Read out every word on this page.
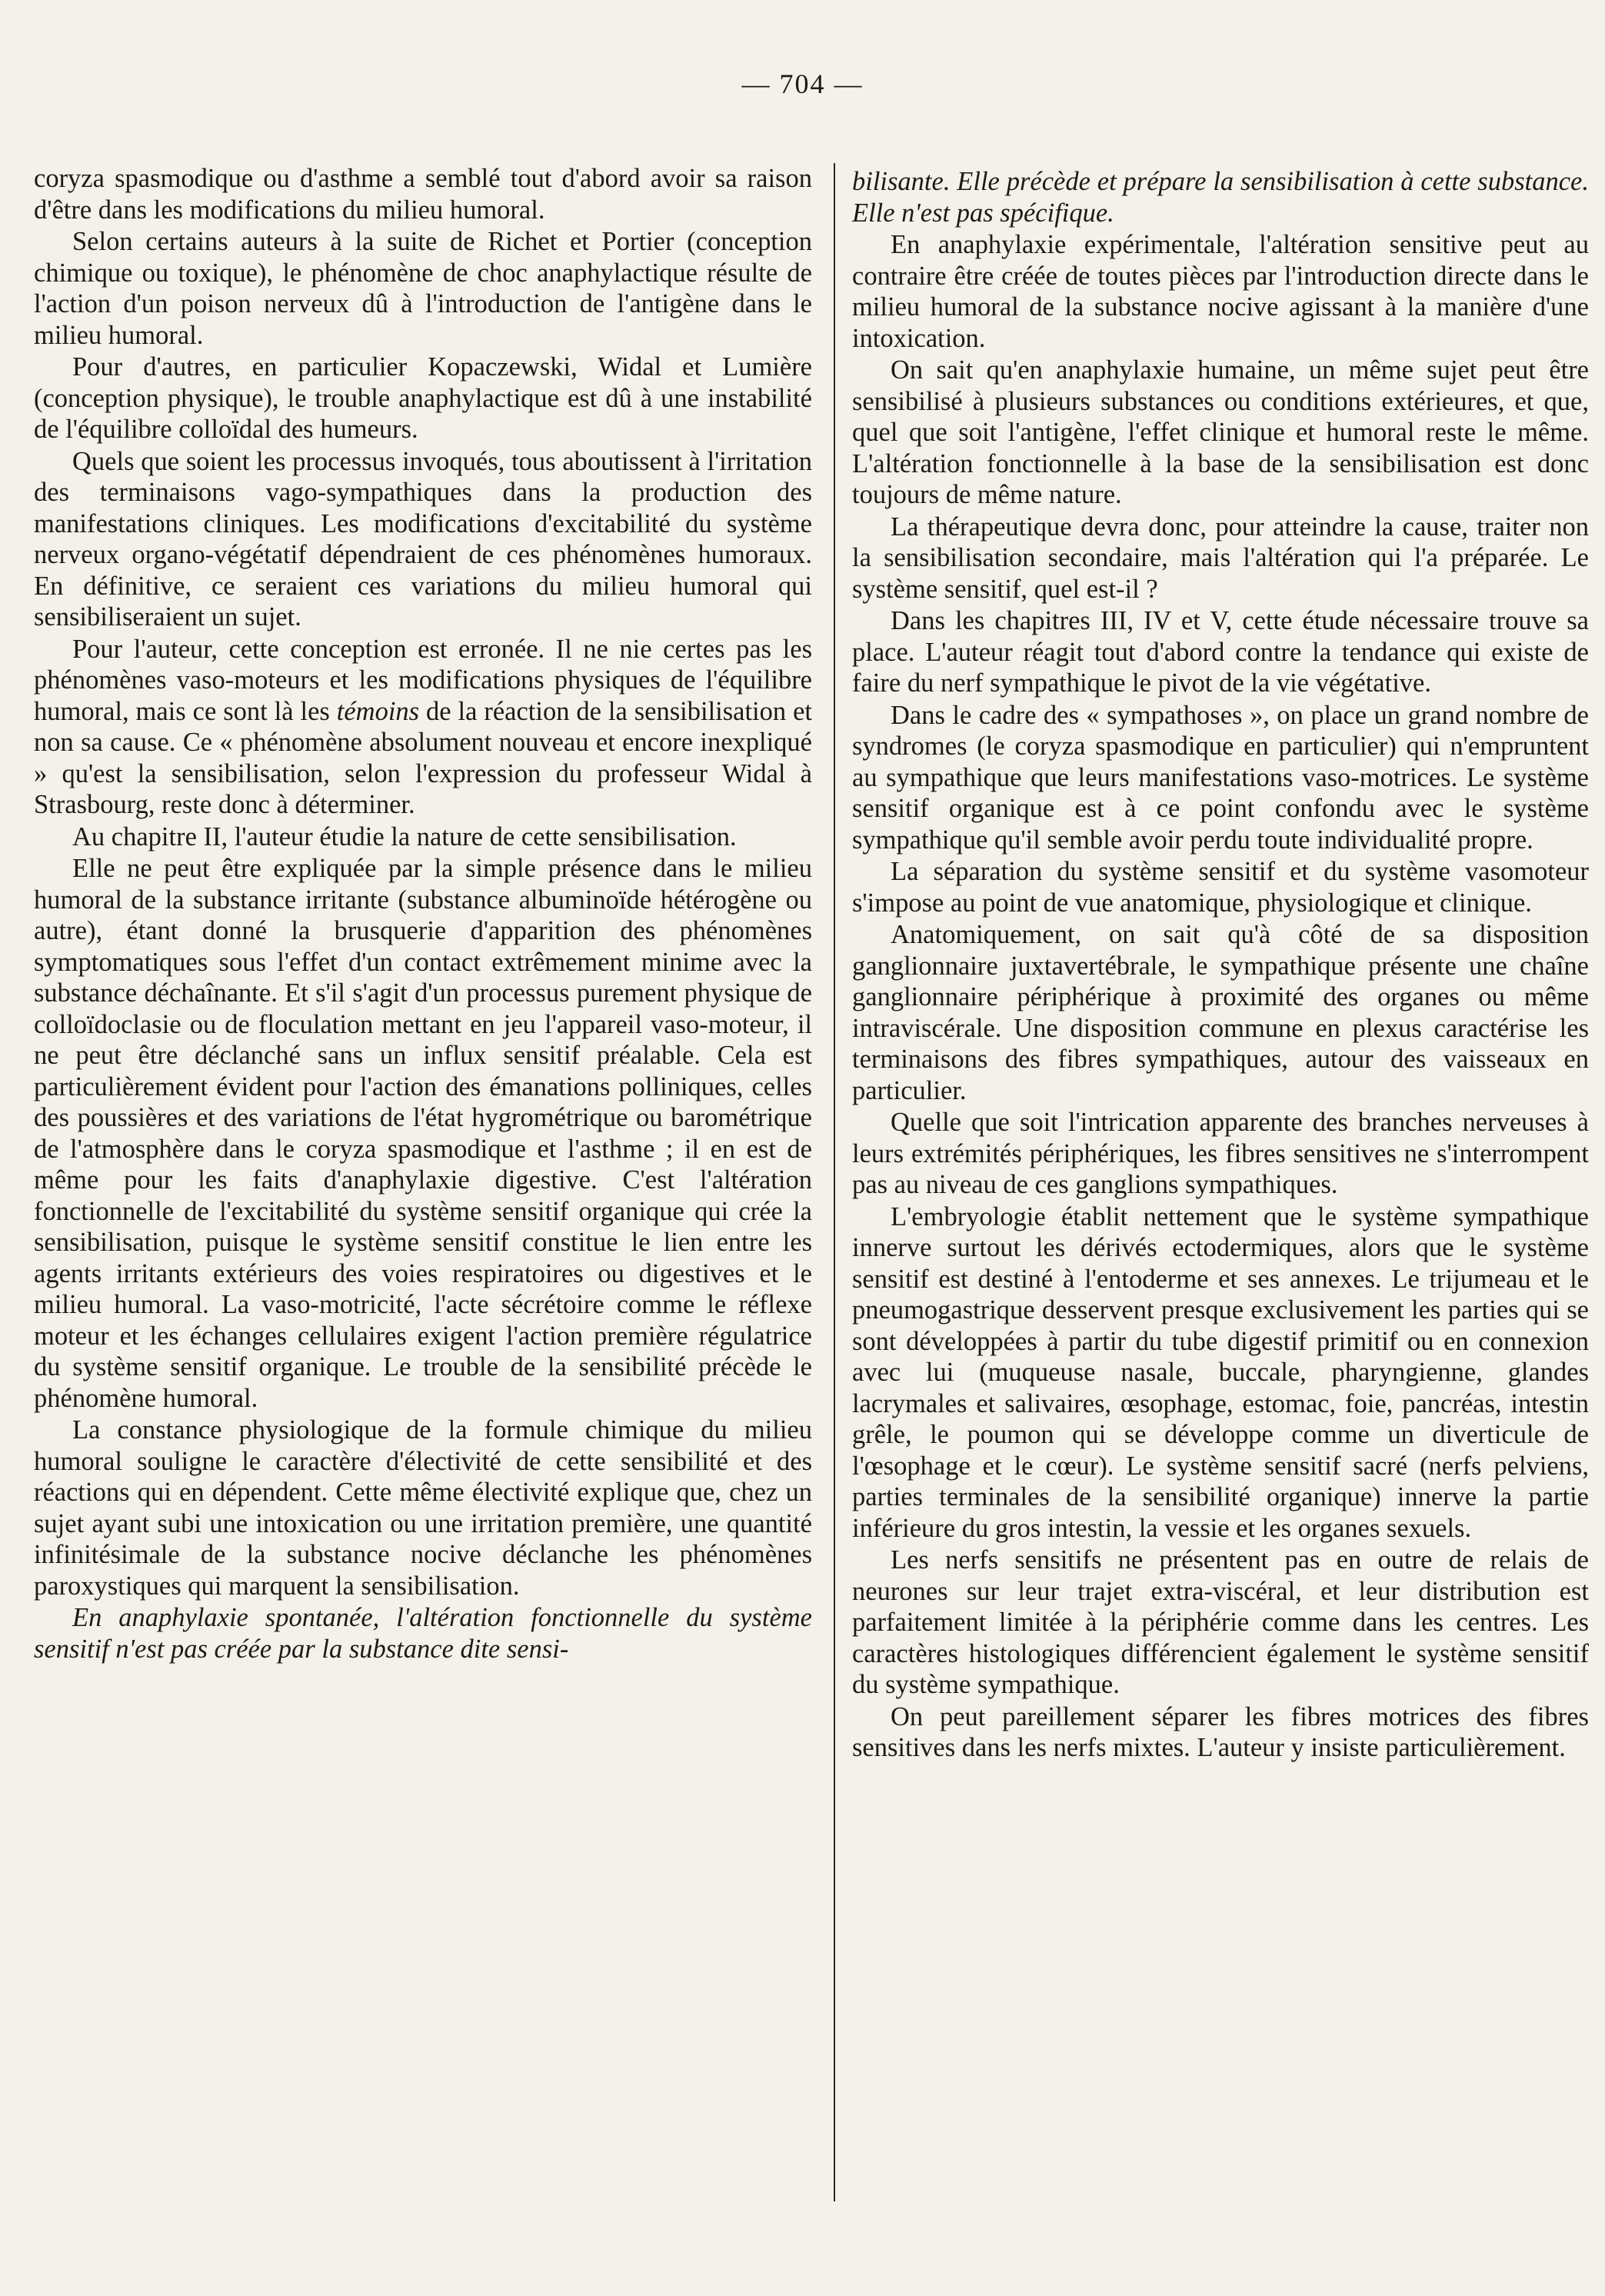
— 704 —

coryza spasmodique ou d'asthme a semblé tout d'abord avoir sa raison d'être dans les modifications du milieu humoral.

Selon certains auteurs à la suite de Richet et Portier (conception chimique ou toxique), le phénomène de choc anaphylactique résulte de l'action d'un poison nerveux dû à l'introduction de l'antigène dans le milieu humoral.

Pour d'autres, en particulier Kopaczewski, Widal et Lumière (conception physique), le trouble anaphylactique est dû à une instabilité de l'équilibre colloïdal des humeurs.

Quels que soient les processus invoqués, tous aboutissent à l'irritation des terminaisons vago-sympathiques dans la production des manifestations cliniques. Les modifications d'excitabilité du système nerveux organo-végétatif dépendraient de ces phénomènes humoraux. En définitive, ce seraient ces variations du milieu humoral qui sensibiliseraient un sujet.

Pour l'auteur, cette conception est erronée. Il ne nie certes pas les phénomènes vaso-moteurs et les modifications physiques de l'équilibre humoral, mais ce sont là les témoins de la réaction de la sensibilisation et non sa cause. Ce « phénomène absolument nouveau et encore inexpliqué » qu'est la sensibilisation, selon l'expression du professeur Widal à Strasbourg, reste donc à déterminer.

Au chapitre II, l'auteur étudie la nature de cette sensibilisation.

Elle ne peut être expliquée par la simple présence dans le milieu humoral de la substance irritante (substance albuminoïde hétérogène ou autre), étant donné la brusquerie d'apparition des phénomènes symptomatiques sous l'effet d'un contact extrêmement minime avec la substance déchaînante. Et s'il s'agit d'un processus purement physique de colloïdoclasie ou de floculation mettant en jeu l'appareil vaso-moteur, il ne peut être déclanché sans un influx sensitif préalable. Cela est particulièrement évident pour l'action des émanations polliniques, celles des poussières et des variations de l'état hygrométrique ou barométrique de l'atmosphère dans le coryza spasmodique et l'asthme ; il en est de même pour les faits d'anaphylaxie digestive. C'est l'altération fonctionnelle de l'excitabilité du système sensitif organique qui crée la sensibilisation, puisque le système sensitif constitue le lien entre les agents irritants extérieurs des voies respiratoires ou digestives et le milieu humoral. La vaso-motricité, l'acte sécrétoire comme le réflexe moteur et les échanges cellulaires exigent l'action première régulatrice du système sensitif organique. Le trouble de la sensibilité précède le phénomène humoral.

La constance physiologique de la formule chimique du milieu humoral souligne le caractère d'électivité de cette sensibilité et des réactions qui en dépendent. Cette même électivité explique que, chez un sujet ayant subi une intoxication ou une irritation première, une quantité infinitésimale de la substance nocive déclanche les phénomènes paroxystiques qui marquent la sensibilisation.

En anaphylaxie spontanée, l'altération fonctionnelle du système sensitif n'est pas créée par la substance dite sensi-

bilisante. Elle précède et prépare la sensibilisation à cette substance. Elle n'est pas spécifique.

En anaphylaxie expérimentale, l'altération sensitive peut au contraire être créée de toutes pièces par l'introduction directe dans le milieu humoral de la substance nocive agissant à la manière d'une intoxication.

On sait qu'en anaphylaxie humaine, un même sujet peut être sensibilisé à plusieurs substances ou conditions extérieures, et que, quel que soit l'antigène, l'effet clinique et humoral reste le même. L'altération fonctionnelle à la base de la sensibilisation est donc toujours de même nature.

La thérapeutique devra donc, pour atteindre la cause, traiter non la sensibilisation secondaire, mais l'altération qui l'a préparée. Le système sensitif, quel est-il ?

Dans les chapitres III, IV et V, cette étude nécessaire trouve sa place. L'auteur réagit tout d'abord contre la tendance qui existe de faire du nerf sympathique le pivot de la vie végétative.

Dans le cadre des « sympathoses », on place un grand nombre de syndromes (le coryza spasmodique en particulier) qui n'empruntent au sympathique que leurs manifestations vaso-motrices. Le système sensitif organique est à ce point confondu avec le système sympathique qu'il semble avoir perdu toute individualité propre.

La séparation du système sensitif et du système vasomoteur s'impose au point de vue anatomique, physiologique et clinique.

Anatomiquement, on sait qu'à côté de sa disposition ganglionnaire juxtavertébrale, le sympathique présente une chaîne ganglionnaire périphérique à proximité des organes ou même intraviscérale. Une disposition commune en plexus caractérise les terminaisons des fibres sympathiques, autour des vaisseaux en particulier.

Quelle que soit l'intrication apparente des branches nerveuses à leurs extrémités périphériques, les fibres sensitives ne s'interrompent pas au niveau de ces ganglions sympathiques.

L'embryologie établit nettement que le système sympathique innerve surtout les dérivés ectodermiques, alors que le système sensitif est destiné à l'entoderme et ses annexes. Le trijumeau et le pneumogastrique desservent presque exclusivement les parties qui se sont développées à partir du tube digestif primitif ou en connexion avec lui (muqueuse nasale, buccale, pharyngienne, glandes lacrymales et salivaires, œsophage, estomac, foie, pancréas, intestin grêle, le poumon qui se développe comme un diverticule de l'œsophage et le cœur). Le système sensitif sacré (nerfs pelviens, parties terminales de la sensibilité organique) innerve la partie inférieure du gros intestin, la vessie et les organes sexuels.

Les nerfs sensitifs ne présentent pas en outre de relais de neurones sur leur trajet extra-viscéral, et leur distribution est parfaitement limitée à la périphérie comme dans les centres. Les caractères histologiques différencient également le système sensitif du système sympathique.

On peut pareillement séparer les fibres motrices des fibres sensitives dans les nerfs mixtes. L'auteur y insiste particulièrement.
